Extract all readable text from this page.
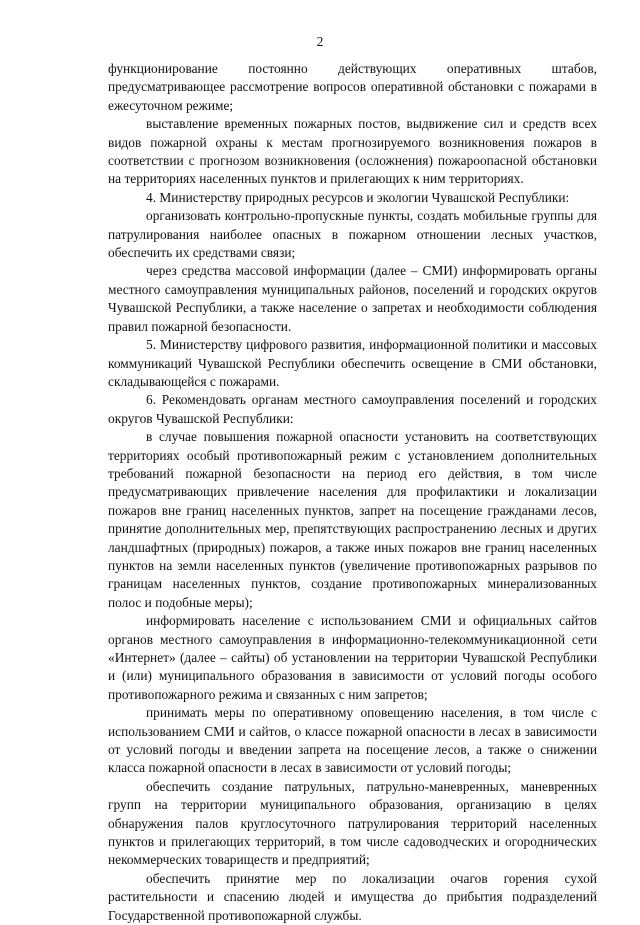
2

функционирование постоянно действующих оперативных штабов, предусматривающее рассмотрение вопросов оперативной обстановки с пожарами в ежесуточном режиме;

выставление временных пожарных постов, выдвижение сил и средств всех видов пожарной охраны к местам прогнозируемого возникновения пожаров в соответствии с прогнозом возникновения (осложнения) пожароопасной обстановки на территориях населенных пунктов и прилегающих к ним территориях.

4. Министерству природных ресурсов и экологии Чувашской Республики:

организовать контрольно-пропускные пункты, создать мобильные группы для патрулирования наиболее опасных в пожарном отношении лесных участков, обеспечить их средствами связи;

через средства массовой информации (далее – СМИ) информировать органы местного самоуправления муниципальных районов, поселений и городских округов Чувашской Республики, а также население о запретах и необходимости соблюдения правил пожарной безопасности.

5. Министерству цифрового развития, информационной политики и массовых коммуникаций Чувашской Республики обеспечить освещение в СМИ обстановки, складывающейся с пожарами.

6. Рекомендовать органам местного самоуправления поселений и городских округов Чувашской Республики:

в случае повышения пожарной опасности установить на соответствующих территориях особый противопожарный режим с установлением дополнительных требований пожарной безопасности на период его действия, в том числе предусматривающих привлечение населения для профилактики и локализации пожаров вне границ населенных пунктов, запрет на посещение гражданами лесов, принятие дополнительных мер, препятствующих распространению лесных и других ландшафтных (природных) пожаров, а также иных пожаров вне границ населенных пунктов на земли населенных пунктов (увеличение противопожарных разрывов по границам населенных пунктов, создание противопожарных минерализованных полос и подобные меры);

информировать население с использованием СМИ и официальных сайтов органов местного самоуправления в информационно-телекоммуникационной сети «Интернет» (далее – сайты) об установлении на территории Чувашской Республики и (или) муниципального образования в зависимости от условий погоды особого противопожарного режима и связанных с ним запретов;

принимать меры по оперативному оповещению населения, в том числе с использованием СМИ и сайтов, о классе пожарной опасности в лесах в зависимости от условий погоды и введении запрета на посещение лесов, а также о снижении класса пожарной опасности в лесах в зависимости от условий погоды;

обеспечить создание патрульных, патрульно-маневренных, маневренных групп на территории муниципального образования, организацию в целях обнаружения палов круглосуточного патрулирования территорий населенных пунктов и прилегающих территорий, в том числе садоводческих и огороднических некоммерческих товариществ и предприятий;

обеспечить принятие мер по локализации очагов горения сухой растительности и спасению людей и имущества до прибытия подразделений Государственной противопожарной службы.
